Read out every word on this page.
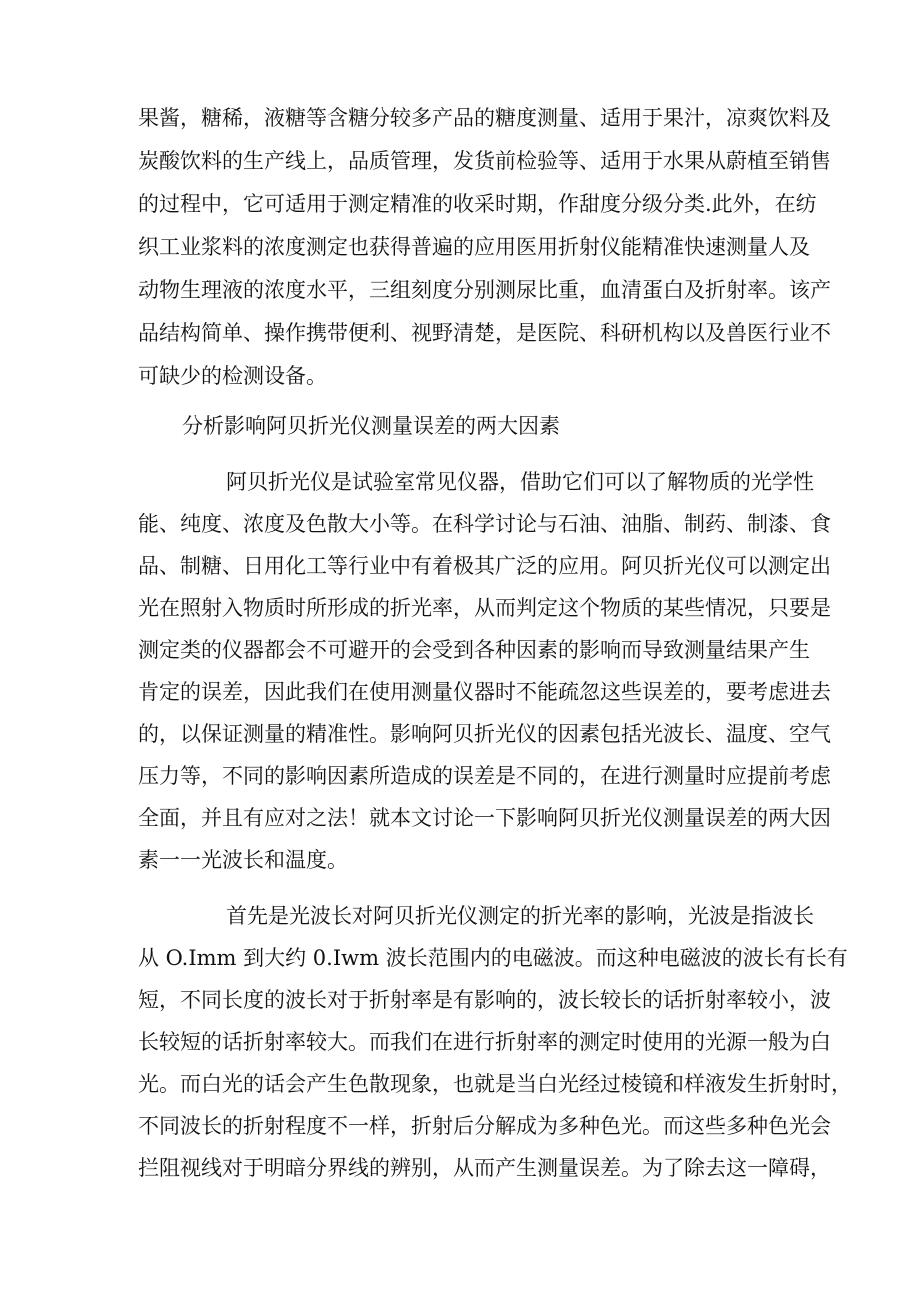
果酱，糖稀，液糖等含糖分较多产品的糖度测量、适用于果汁，凉爽饮料及
炭酸饮料的生产线上，品质管理，发货前检验等、适用于水果从蔚植至销售
的过程中，它可适用于测定精准的收采时期，作甜度分级分类.此外，在纺
织工业浆料的浓度测定也获得普遍的应用医用折射仪能精准快速测量人及
动物生理液的浓度水平，三组刻度分别测尿比重，血清蛋白及折射率。该产
品结构简单、操作携带便利、视野清楚，是医院、科研机构以及兽医行业不
可缺少的检测设备。
分析影响阿贝折光仪测量误差的两大因素
阿贝折光仪是试验室常见仪器，借助它们可以了解物质的光学性
能、纯度、浓度及色散大小等。在科学讨论与石油、油脂、制药、制漆、食
品、制糖、日用化工等行业中有着极其广泛的应用。阿贝折光仪可以测定出
光在照射入物质时所形成的折光率，从而判定这个物质的某些情况，只要是
测定类的仪器都会不可避开的会受到各种因素的影响而导致测量结果产生
肯定的误差，因此我们在使用测量仪器时不能疏忽这些误差的，要考虑进去
的，以保证测量的精准性。影响阿贝折光仪的因素包括光波长、温度、空气
压力等，不同的影响因素所造成的误差是不同的，在进行测量时应提前考虑
全面，并且有应对之法！就本文讨论一下影响阿贝折光仪测量误差的两大因
素一一光波长和温度。
首先是光波长对阿贝折光仪测定的折光率的影响，光波是指波长
从 O.Imm 到大约 0.Iwm 波长范围内的电磁波。而这种电磁波的波长有长有
短，不同长度的波长对于折射率是有影响的，波长较长的话折射率较小，波
长较短的话折射率较大。而我们在进行折射率的测定时使用的光源一般为白
光。而白光的话会产生色散现象，也就是当白光经过棱镜和样液发生折射时，
不同波长的折射程度不一样，折射后分解成为多种色光。而这些多种色光会
拦阻视线对于明暗分界线的辨别，从而产生测量误差。为了除去这一障碍，
